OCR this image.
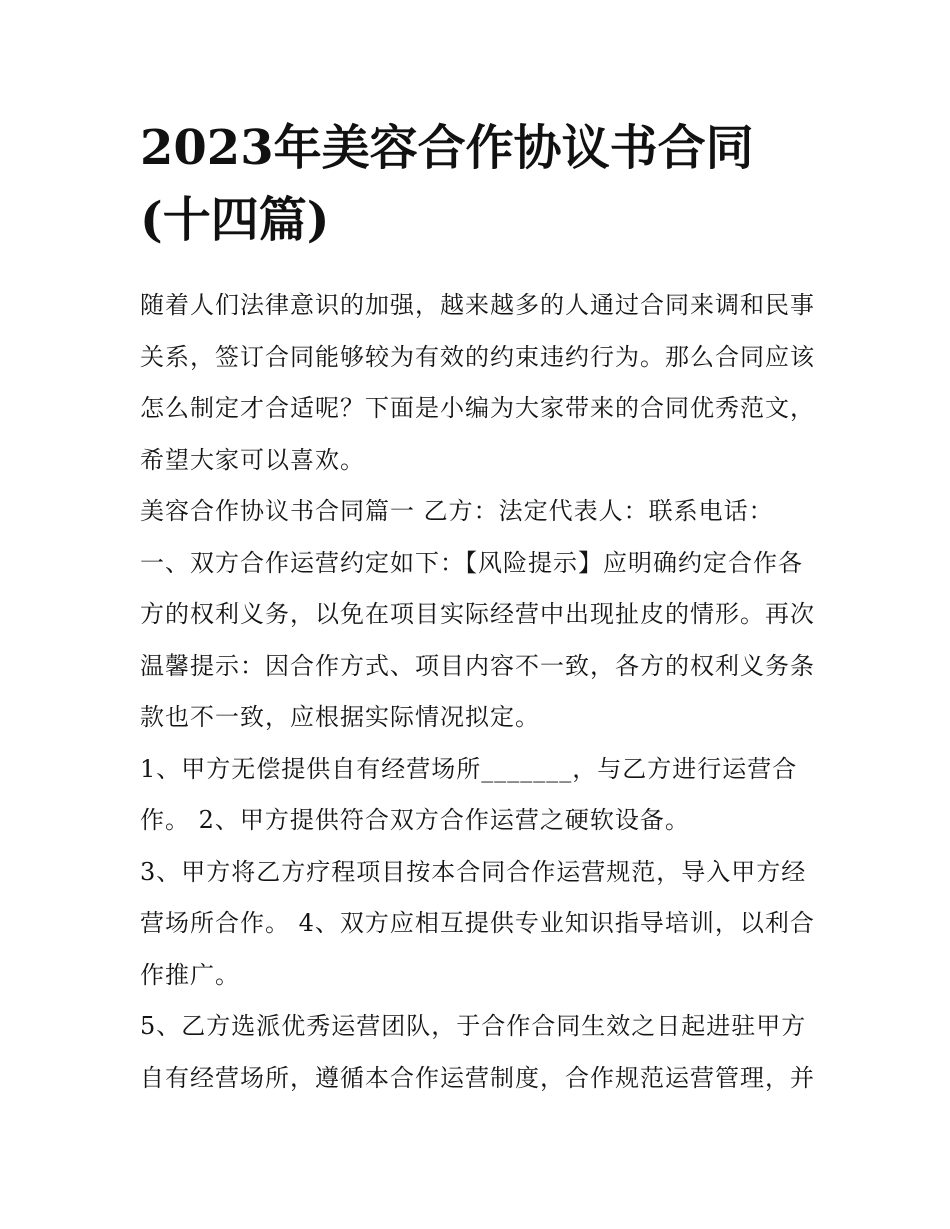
2023年美容合作协议书合同
(十四篇)

随着人们法律意识的加强，越来越多的人通过合同来调和民事
关系，签订合同能够较为有效的约束违约行为。那么合同应该
怎么制定才合适呢？下面是小编为大家带来的合同优秀范文，
希望大家可以喜欢。

美容合作协议书合同篇一 乙方：法定代表人：联系电话：

一、双方合作运营约定如下：【风险提示】应明确约定合作各
方的权利义务，以免在项目实际经营中出现扯皮的情形。再次
温馨提示：因合作方式、项目内容不一致，各方的权利义务条
款也不一致，应根据实际情况拟定。

1、甲方无偿提供自有经营场所_______，与乙方进行运营合
作。 2、甲方提供符合双方合作运营之硬软设备。

3、甲方将乙方疗程项目按本合同合作运营规范，导入甲方经
营场所合作。 4、双方应相互提供专业知识指导培训，以利合
作推广。

5、乙方选派优秀运营团队，于合作合同生效之日起进驻甲方
自有经营场所，遵循本合作运营制度，合作规范运营管理，并
